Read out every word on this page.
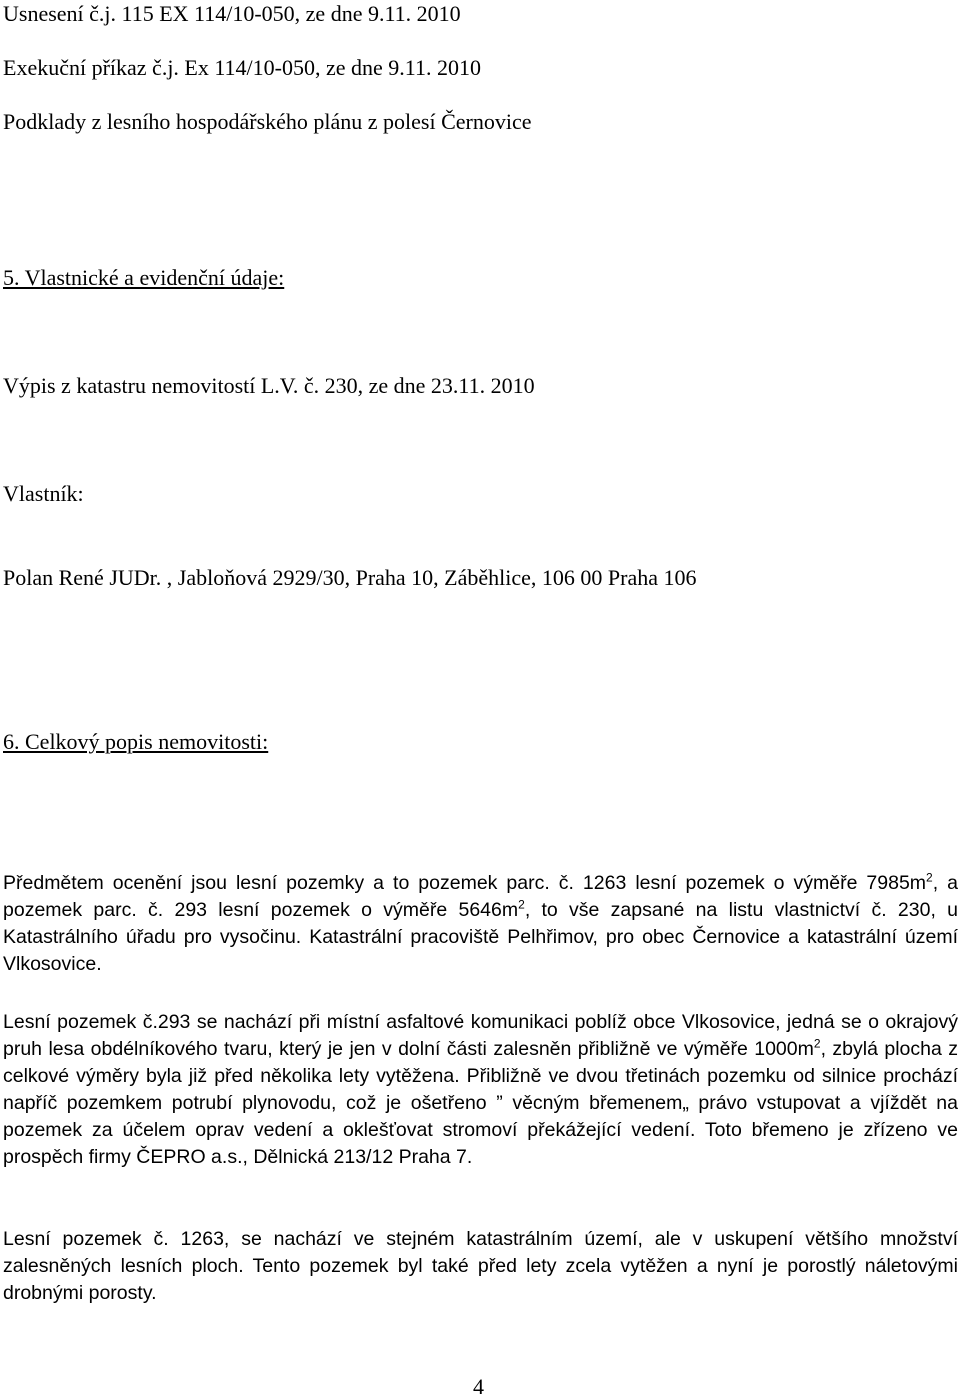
Usnesení č.j. 115 EX 114/10-050, ze dne 9.11. 2010
Exekuční příkaz č.j. Ex 114/10-050, ze dne 9.11. 2010
Podklady z lesního hospodářského plánu z polesí Černovice
5. Vlastnické a evidenční údaje:
Výpis z katastru nemovitostí L.V. č. 230, ze dne 23.11. 2010
Vlastník:
Polan René JUDr. , Jabloňová 2929/30, Praha 10, Záběhlice, 106 00 Praha 106
6. Celkový popis nemovitosti:
Předmětem ocenění jsou lesní pozemky a to pozemek parc. č. 1263 lesní pozemek o výměře $7985m^2$, a pozemek parc. č. 293 lesní pozemek o výměře $5646m^2$, to vše zapsané na listu vlastnictví č. 230, u Katastrálního úřadu pro vysočinu. Katastrální pracoviště Pelhřimov, pro obec Černovice a katastrální území Vlkosovice.
Lesní pozemek č.293 se nachází při místní asfaltové komunikaci poblíž obce Vlkosovice, jedná se o okrajový pruh lesa obdélníkového tvaru, který je jen v dolní části zalesněn přibližně ve výměře $1000m^2$, zbylá plocha z celkové výměry byla již před několika lety vytěžena. Přibližně ve dvou třetinách pozemku od silnice prochází napříč pozemkem potrubí plynovodu, což je ošetřeno ” věcným břemenem„ právo vstupovat a vjíždět na pozemek za účelem oprav vedení a oklešťovat stromoví překážející vedení. Toto břemeno je zřízeno ve prospěch firmy ČEPRO a.s., Dělnická 213/12 Praha 7.
Lesní pozemek č. 1263, se nachází ve stejném katastrálním území, ale v uskupení většího množství zalesněných lesních ploch. Tento pozemek byl také před lety zcela vytěžen a nyní je porostlý náletovými drobnými porosty.
4
